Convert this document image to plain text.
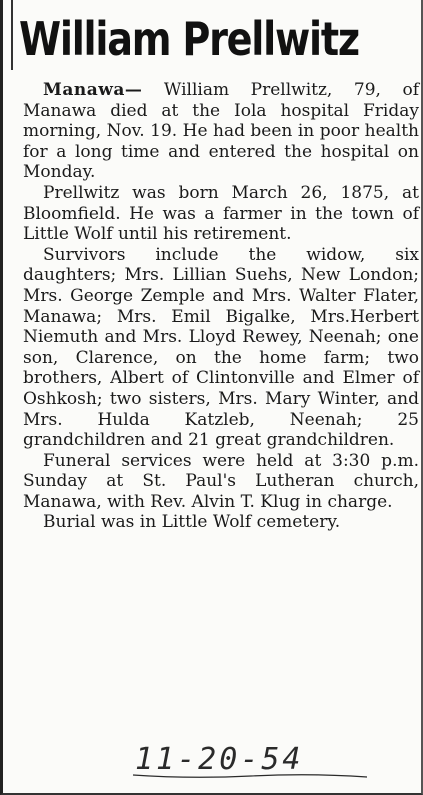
William Prellwitz

Manawa— William Prellwitz, 79, of Manawa died at the Iola hospital Friday morning, Nov. 19. He had been in poor health for a long time and entered the hospital on Monday.

Prellwitz was born March 26, 1875, at Bloomfield. He was a farmer in the town of Little Wolf until his retirement.

Survivors include the widow, six daughters; Mrs. Lillian Suehs, New London; Mrs. George Zemple and Mrs. Walter Flater, Manawa; Mrs. Emil Bigalke, Mrs.Herbert Niemuth and Mrs. Lloyd Rewey, Neenah; one son, Clarence, on the home farm; two brothers, Albert of Clintonville and Elmer of Oshkosh; two sisters, Mrs. Mary Winter, and Mrs. Hulda Katzleb, Neenah; 25 grandchildren and 21 great grandchildren.

Funeral services were held at 3:30 p.m. Sunday at St. Paul's Lutheran church, Manawa, with Rev. Alvin T. Klug in charge.

Burial was in Little Wolf cemetery.

11-20-54
